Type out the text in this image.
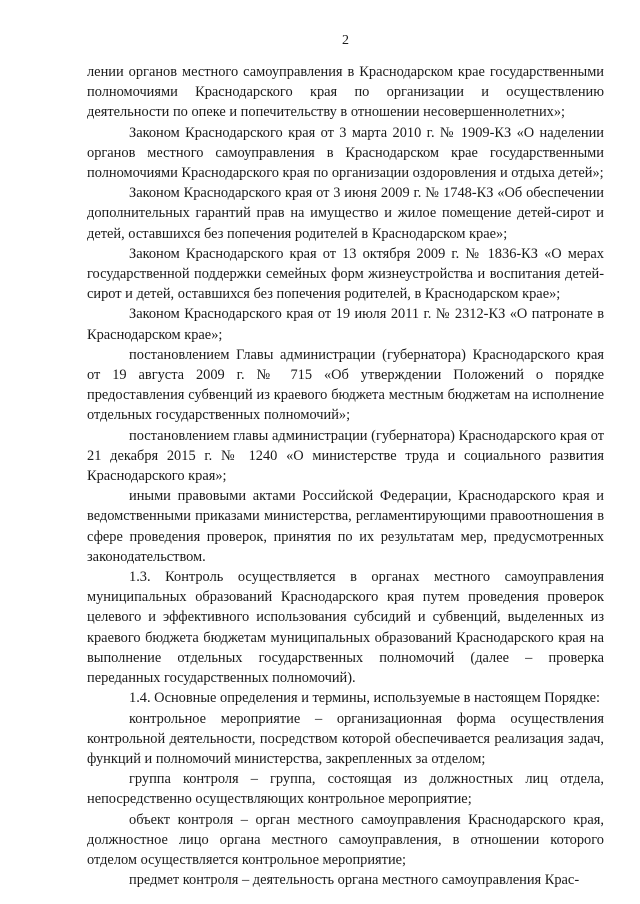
2

лении органов местного самоуправления в Краснодарском крае государственными полномочиями Краснодарского края по организации и осуществлению деятельности по опеке и попечительству в отношении несовершеннолетних»;

Законом Краснодарского края от 3 марта 2010 г. № 1909-КЗ «О наделении органов местного самоуправления в Краснодарском крае государственными полномочиями Краснодарского края по организации оздоровления и отдыха детей»;

Законом Краснодарского края от 3 июня 2009 г. № 1748-КЗ «Об обеспечении дополнительных гарантий прав на имущество и жилое помещение детей-сирот и детей, оставшихся без попечения родителей в Краснодарском крае»;

Законом Краснодарского края от 13 октября 2009 г. № 1836-КЗ «О мерах государственной поддержки семейных форм жизнеустройства и воспитания детей-сирот и детей, оставшихся без попечения родителей, в Краснодарском крае»;

Законом Краснодарского края от 19 июля 2011 г. № 2312-КЗ «О патронате в Краснодарском крае»;

постановлением Главы администрации (губернатора) Краснодарского края от 19 августа 2009 г. № 715 «Об утверждении Положений о порядке предоставления субвенций из краевого бюджета местным бюджетам на исполнение отдельных государственных полномочий»;

постановлением главы администрации (губернатора) Краснодарского края от 21 декабря 2015 г. № 1240 «О министерстве труда и социального развития Краснодарского края»;

иными правовыми актами Российской Федерации, Краснодарского края и ведомственными приказами министерства, регламентирующими правоотношения в сфере проведения проверок, принятия по их результатам мер, предусмотренных законодательством.

1.3. Контроль осуществляется в органах местного самоуправления муниципальных образований Краснодарского края путем проведения проверок целевого и эффективного использования субсидий и субвенций, выделенных из краевого бюджета бюджетам муниципальных образований Краснодарского края на выполнение отдельных государственных полномочий (далее – проверка переданных государственных полномочий).

1.4. Основные определения и термины, используемые в настоящем Порядке:

контрольное мероприятие – организационная форма осуществления контрольной деятельности, посредством которой обеспечивается реализация задач, функций и полномочий министерства, закрепленных за отделом;

группа контроля – группа, состоящая из должностных лиц отдела, непосредственно осуществляющих контрольное мероприятие;

объект контроля – орган местного самоуправления Краснодарского края, должностное лицо органа местного самоуправления, в отношении которого отделом осуществляется контрольное мероприятие;

предмет контроля – деятельность органа местного самоуправления Крас-
